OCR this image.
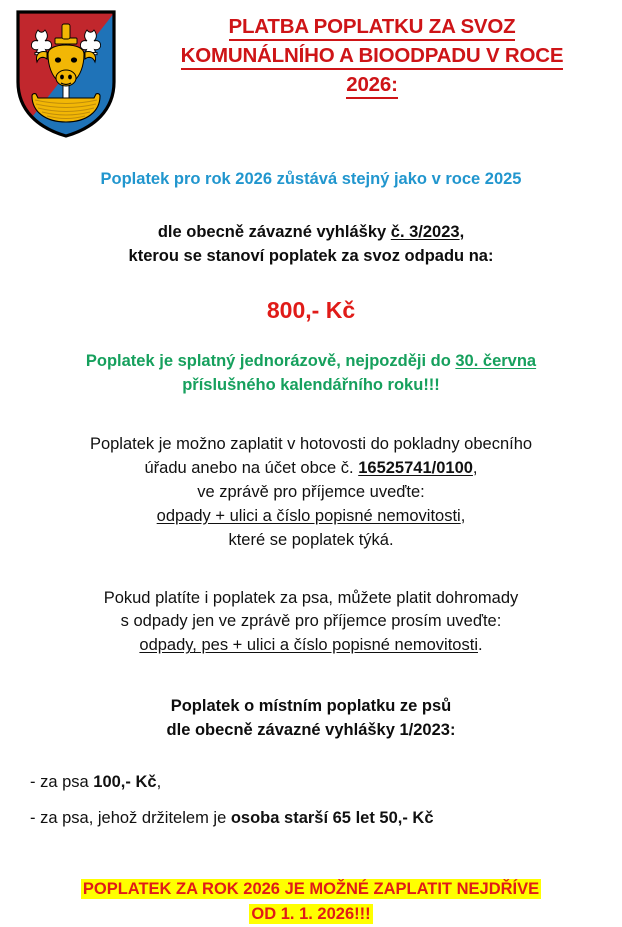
PLATBA POPLATKU ZA SVOZ
KOMUNÁLNÍHO A BIOODPADU V ROCE
2026:
Poplatek pro rok 2026 zůstává stejný jako v roce 2025
dle obecně závazné vyhlášky č. 3/2023,
kterou se stanoví poplatek za svoz odpadu na:
800,- Kč
Poplatek je splatný jednorázově, nejpozději do 30. června
příslušného kalendářního roku!!!
Poplatek je možno zaplatit v hotovosti do pokladny obecního
úřadu anebo na účet obce č. 16525741/0100,
ve zprávě pro příjemce uveďte:
odpady + ulici a číslo popisné nemovitosti,
které se poplatek týká.
Pokud platíte i poplatek za psa, můžete platit dohromady
s odpady jen ve zprávě pro příjemce prosím uveďte:
odpady, pes + ulici a číslo popisné nemovitosti.
Poplatek o místním poplatku ze psů
dle obecně závazné vyhlášky 1/2023:
- za psa 100,- Kč,
- za psa, jehož držitelem je osoba starší 65 let 50,- Kč
POPLATEK ZA ROK 2026 JE MOŽNÉ ZAPLATIT NEJDŘÍVE
OD 1. 1. 2026!!!
